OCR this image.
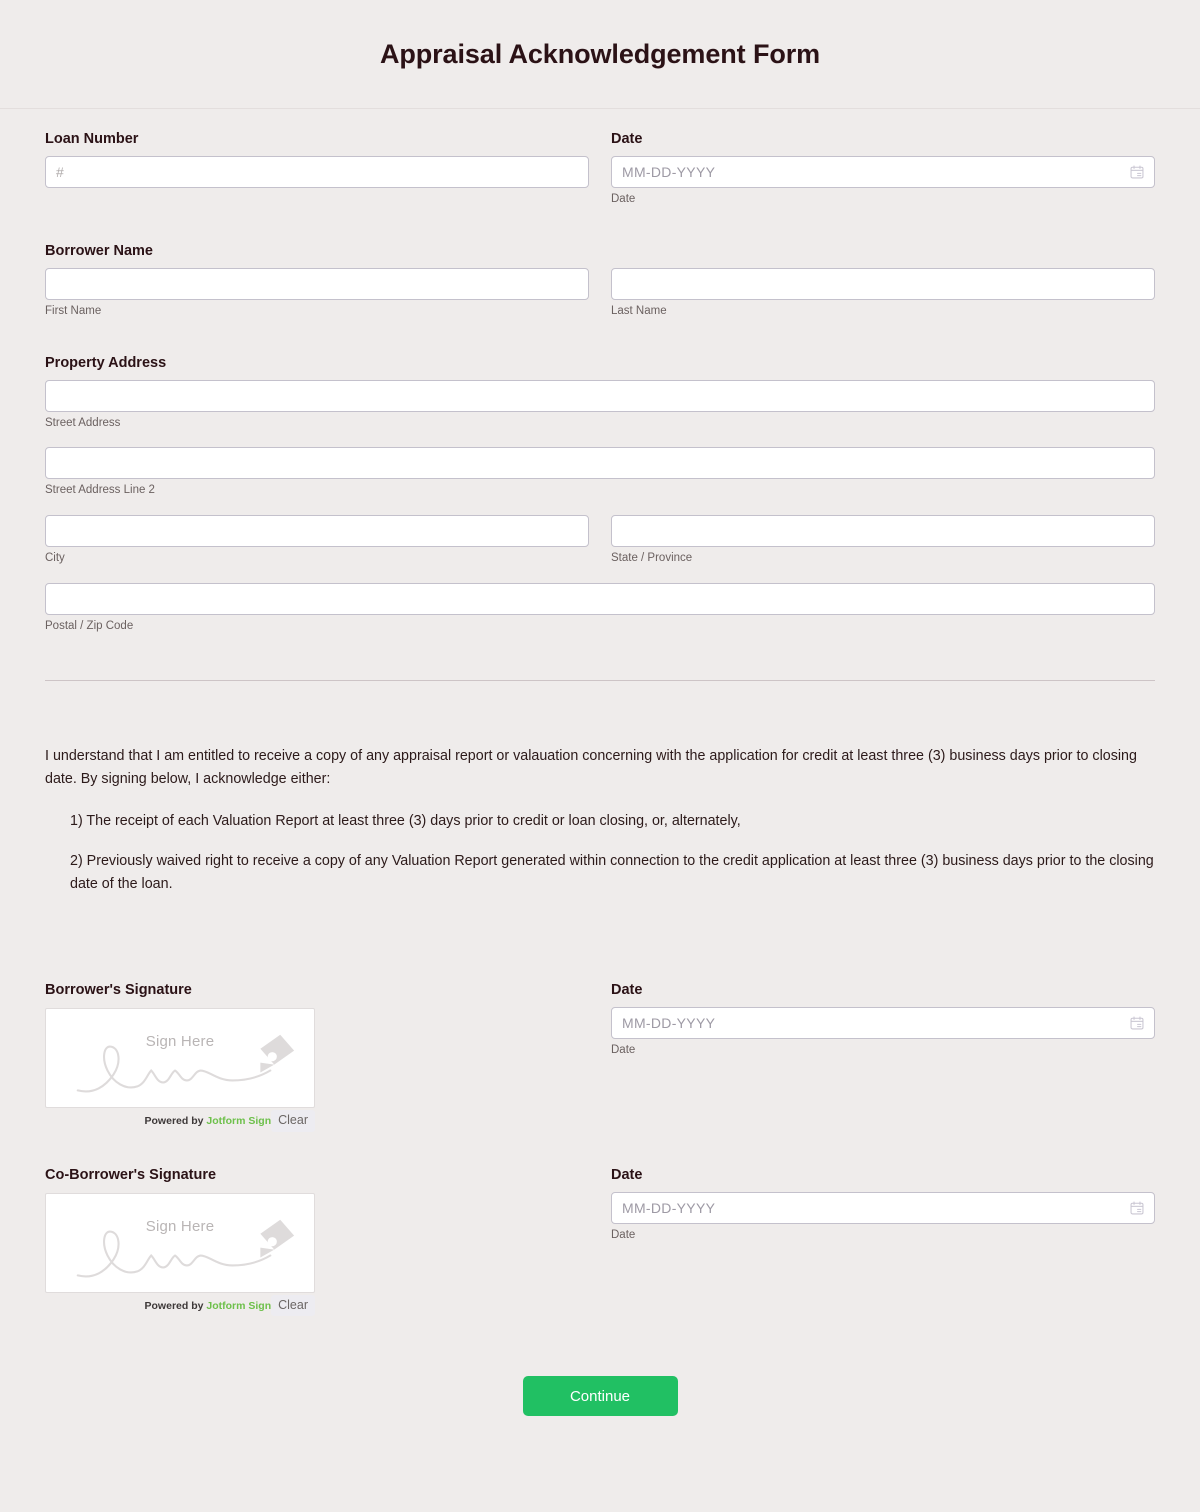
Appraisal Acknowledgement Form
Loan Number
#	Date
MM-DD-YYYY
Date
Borrower Name
First Name	Last Name
Property Address
Street Address
Street Address Line 2
City	State / Province
Postal / Zip Code

I understand that I am entitled to receive a copy of any appraisal report or valauation concerning with the application for credit at least three (3) business days prior to closing date. By signing below, I acknowledge either:

1) The receipt of each Valuation Report at least three (3) days prior to credit or loan closing, or, alternately,

2) Previously waived right to receive a copy of any Valuation Report generated within connection to the credit application at least three (3) business days prior to the closing date of the loan.

Borrower's Signature
Sign Here
Powered by Jotform Sign Clear
Date
MM-DD-YYYY
Date
Co-Borrower's Signature
Sign Here
Powered by Jotform Sign Clear
Date
MM-DD-YYYY
Date
Continue
